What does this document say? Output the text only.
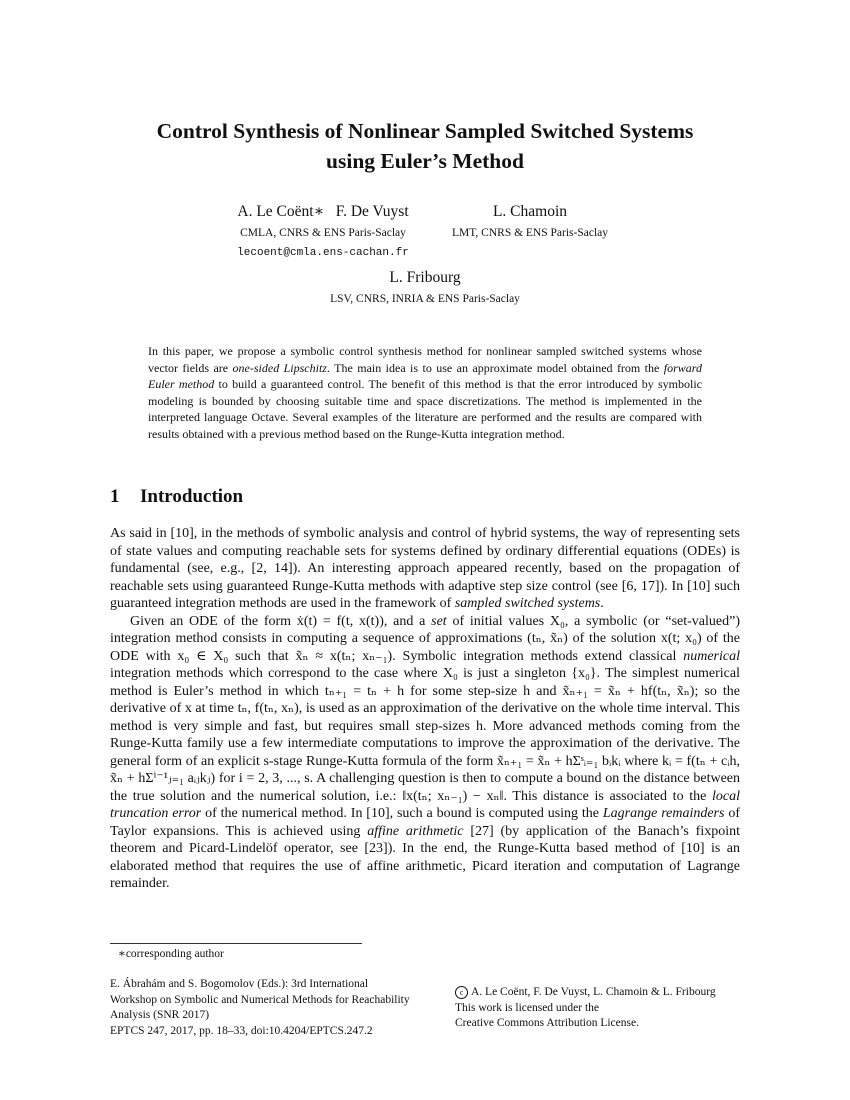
Control Synthesis of Nonlinear Sampled Switched Systems
using Euler’s Method
A. Le Coënt∗   F. De Vuyst
CMLA, CNRS & ENS Paris-Saclay
lecoent@cmla.ens-cachan.fr
L. Chamoin
LMT, CNRS & ENS Paris-Saclay
L. Fribourg
LSV, CNRS, INRIA & ENS Paris-Saclay
In this paper, we propose a symbolic control synthesis method for nonlinear sampled switched systems whose vector fields are one-sided Lipschitz. The main idea is to use an approximate model obtained from the forward Euler method to build a guaranteed control. The benefit of this method is that the error introduced by symbolic modeling is bounded by choosing suitable time and space discretizations. The method is implemented in the interpreted language Octave. Several examples of the literature are performed and the results are compared with results obtained with a previous method based on the Runge-Kutta integration method.
1 Introduction

As said in [10], in the methods of symbolic analysis and control of hybrid systems, the way of representing sets of state values and computing reachable sets for systems defined by ordinary differential equations (ODEs) is fundamental (see, e.g., [2, 14]). An interesting approach appeared recently, based on the propagation of reachable sets using guaranteed Runge-Kutta methods with adaptive step size control (see [6, 17]). In [10] such guaranteed integration methods are used in the framework of sampled switched systems.

Given an ODE of the form ẋ(t) = f(t, x(t)), and a set of initial values X₀, a symbolic (or “set-valued”) integration method consists in computing a sequence of approximations (tₙ, x̃ₙ) of the solution x(t; x₀) of the ODE with x₀ ∈ X₀ such that x̃ₙ ≈ x(tₙ; xₙ₋₁). Symbolic integration methods extend classical numerical integration methods which correspond to the case where X₀ is just a singleton {x₀}. The simplest numerical method is Euler’s method in which tₙ₊₁ = tₙ + h for some step-size h and x̃ₙ₊₁ = x̃ₙ + hf(tₙ, x̃ₙ); so the derivative of x at time tₙ, f(tₙ, xₙ), is used as an approximation of the derivative on the whole time interval. This method is very simple and fast, but requires small step-sizes h. More advanced methods coming from the Runge-Kutta family use a few intermediate computations to improve the approximation of the derivative. The general form of an explicit s-stage Runge-Kutta formula of the form x̃ₙ₊₁ = x̃ₙ + hΣˢᵢ₌₁ bᵢkᵢ where kᵢ = f(tₙ + cᵢh, x̃ₙ + hΣⁱ⁻¹ⱼ₌₁ aᵢⱼkⱼ) for i = 2, 3, ..., s. A challenging question is then to compute a bound on the distance between the true solution and the numerical solution, i.e.: ‖x(tₙ; xₙ₋₁) − xₙ‖. This distance is associated to the local truncation error of the numerical method. In [10], such a bound is computed using the Lagrange remainders of Taylor expansions. This is achieved using affine arithmetic [27] (by application of the Banach’s fixpoint theorem and Picard-Lindelöf operator, see [23]). In the end, the Runge-Kutta based method of [10] is an elaborated method that requires the use of affine arithmetic, Picard iteration and computation of Lagrange remainder.

∗corresponding author
E. Ábrahám and S. Bogomolov (Eds.): 3rd International
Workshop on Symbolic and Numerical Methods for Reachability
Analysis (SNR 2017)
EPTCS 247, 2017, pp. 18–33, doi:10.4204/EPTCS.247.2
c A. Le Coënt, F. De Vuyst, L. Chamoin & L. Fribourg
This work is licensed under the
Creative Commons Attribution License.
